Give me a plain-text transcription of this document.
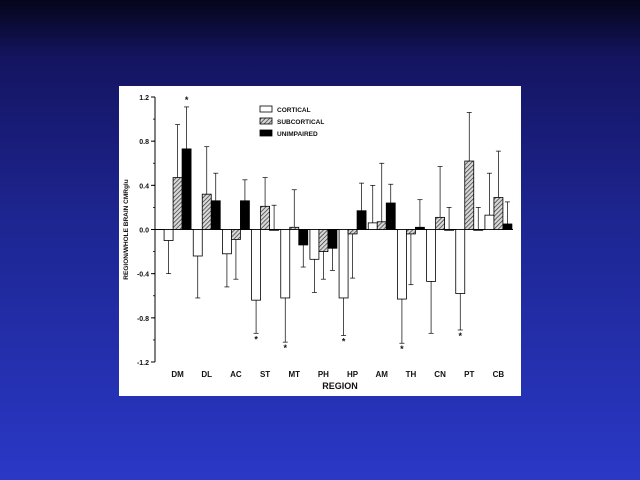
1.2
0.8
0.4
0.0
-0.4
-0.8
-1.2
REGION/WHOLE BRAIN CMRglu
*
DM DL AC
*
ST
*
MT PH
*
HP AM
*
TH CN
*
PT CB
REGION
CORTICAL
SUBCORTICAL
UNIMPAIRED
